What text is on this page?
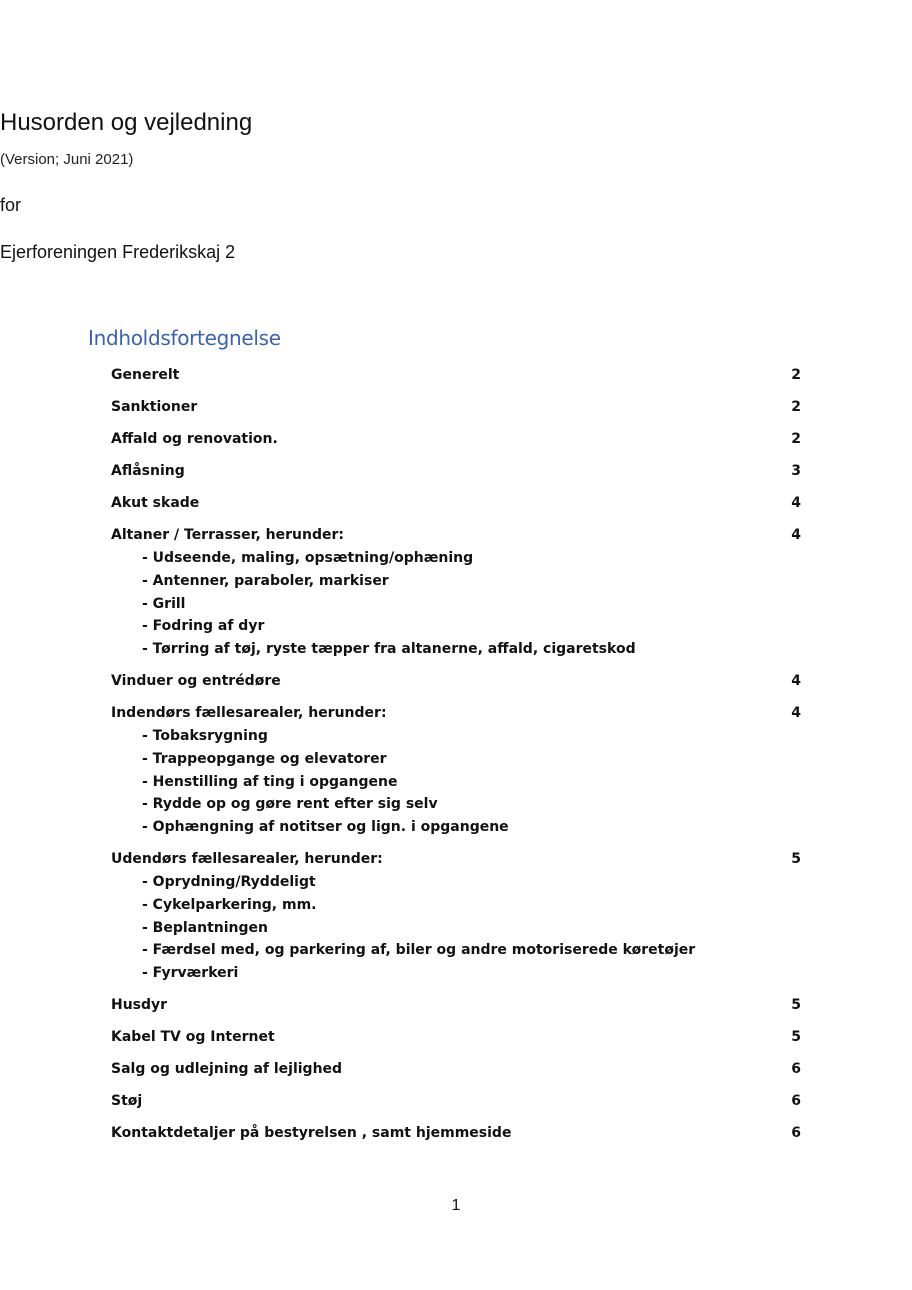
Husorden og vejledning
(Version; Juni 2021)
for
Ejerforeningen Frederikskaj 2
Indholdsfortegnelse
Generelt	2
Sanktioner	2
Affald og renovation.	2
Aflåsning	3
Akut skade	4
Altaner / Terrasser, herunder:	4
- Udseende, maling, opsætning/ophæning
- Antenner, paraboler, markiser
- Grill
- Fodring af dyr
- Tørring af tøj, ryste tæpper fra altanerne, affald, cigaretskod
Vinduer og entrédøre	4
Indendørs fællesarealer, herunder:	4
- Tobaksrygning
- Trappeopgange og elevatorer
- Henstilling af ting i opgangene
- Rydde op og gøre rent efter sig selv
- Ophængning af notitser og lign. i opgangene
Udendørs fællesarealer, herunder:	5
- Oprydning/Ryddeligt
- Cykelparkering, mm.
- Beplantningen
- Færdsel med, og parkering af, biler og andre motoriserede køretøjer
- Fyrværkeri
Husdyr	5
Kabel TV og Internet	5
Salg og udlejning af lejlighed	6
Støj	6
Kontaktdetaljer på bestyrelsen , samt hjemmeside	6
1
